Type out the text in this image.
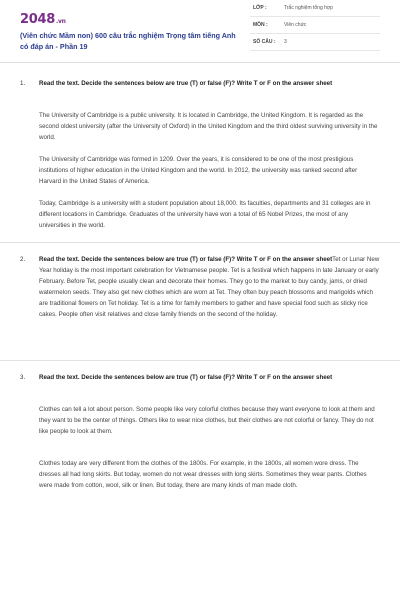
2048.vn
(Viên chức Mầm non) 600 câu trắc nghiệm Trọng tâm tiếng Anh có đáp án - Phần 19
LỚP :	Trắc nghiệm tổng hợp
MÔN :	Viên chức
SỐ CÂU : 3
1. Read the text. Decide the sentences below are true (T) or false (F)? Write T or F on the answer sheet
The University of Cambridge is a public university. It is located in Cambridge, the United Kingdom. It is regarded as the second oldest university (after the University of Oxford) in the United Kingdom and the third oldest surviving university in the world.
The University of Cambridge was formed in 1209. Over the years, it is considered to be one of the most prestigious institutions of higher education in the United Kingdom and the world. In 2012, the university was ranked second after Harvard in the United States of America.
Today, Cambridge is a university with a student population about 18,000. Its faculties, departments and 31 colleges are in different locations in Cambridge. Graduates of the university have won a total of 65 Nobel Prizes, the most of any universities in the world.
2. Read the text. Decide the sentences below are true (T) or false (F)? Write T or F on the answer sheetTet or Lunar New Year holiday is the most important celebration for Vietnamese people. Tet is a festival which happens in late January or early February. Before Tet, people usually clean and decorate their homes. They go to the market to buy candy, jams, or dried watermelon seeds. They also get new clothes which are worn at Tet. They often buy peach blossoms and marigolds which are traditional flowers on Tet holiday. Tet is a time for family members to gather and have special food such as sticky rice cakes. People often visit relatives and close family friends on the second of the holiday.
3. Read the text. Decide the sentences below are true (T) or false (F)? Write T or F on the answer sheet
Clothes can tell a lot about person. Some people like very colorful clothes because they want everyone to look at them and they want to be the center of things. Others like to wear nice clothes, but their clothes are not colorful or fancy. They do not like people to look at them.
Clothes today are very different from the clothes of the 1800s. For example, in the 1800s, all women wore dress. The dresses all had long skirts. But today, women do not wear dresses with long skirts. Sometimes they wear pants. Clothes were made from cotton, wool, silk or linen. But today, there are many kinds of man made cloth.
